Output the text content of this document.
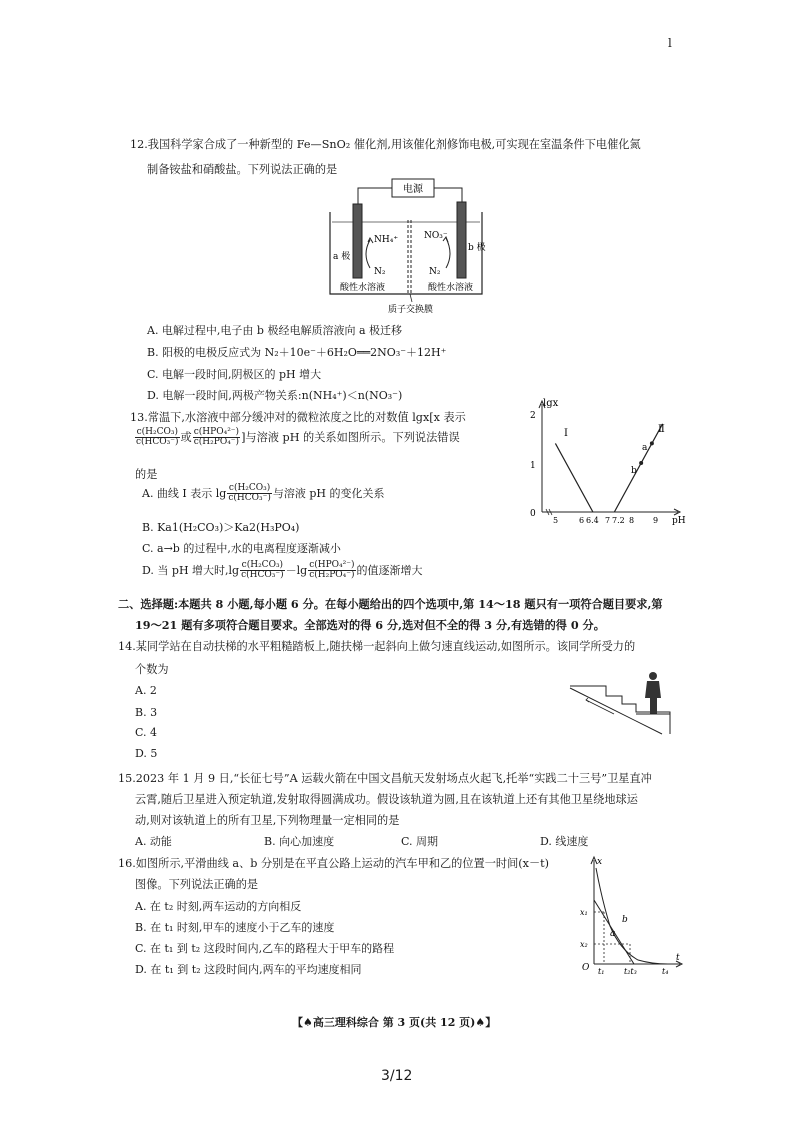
l
12.我国科学家合成了一种新型的 Fe—SnO₂ 催化剂,用该催化剂修饰电极,可实现在室温条件下电催化氮
制备铵盐和硝酸盐。下列说法正确的是
电源
NH₄⁺
N₂
NO₃⁻
N₂
a 极
b 极
酸性水溶液	酸性水溶液
质子交换膜
A. 电解过程中,电子由 b 极经电解质溶液向 a 极迁移
B. 阳极的电极反应式为 N₂＋10e⁻＋6H₂O══2NO₃⁻＋12H⁺
C. 电解一段时间,阴极区的 pH 增大
D. 电解一段时间,两极产物关系:n(NH₄⁺)＜n(NO₃⁻)
13.常温下,水溶液中部分缓冲对的微粒浓度之比的对数值 lgx[x 表示
$\frac{\text{c(H₂CO₃)}}{\text{c(HCO₃⁻)}}$ 或 $\frac{\text{c(HPO₄²⁻)}}{\text{c(H₂PO₄⁻)}}$ ]与溶液 pH 的关系如图所示。下列说法错误
的是
A. 曲线 Ⅰ 表示 $\lg \frac{\text{c(H₂CO₃)}}{\text{c(HCO₃⁻)}}$ 与溶液 pH 的变化关系
B. Ka1(H₂CO₃)＞Ka2(H₃PO₄)
C. a→b 的过程中,水的电离程度逐渐减小
D. 当 pH 增大时$,\lg \frac{\text{c(H₂CO₃)}}{\text{c(HCO₃⁻)}} -\lg \frac{\text{c(HPO₄²⁻)}}{\text{c(H₂PO₄⁻)}}$ 的值逐渐增大
lgx
pH
2
1
0
5	6 6.4 7 7.2 8 9
Ⅰ	Ⅱ
a
b
二、选择题:本题共 8 小题,每小题 6 分。在每小题给出的四个选项中,第 14～18 题只有一项符合题目要求,第
19～21 题有多项符合题目要求。全部选对的得 6 分,选对但不全的得 3 分,有选错的得 0 分。
14.某同学站在自动扶梯的水平粗糙踏板上,随扶梯一起斜向上做匀速直线运动,如图所示。该同学所受力的
个数为
A. 2
B. 3
C. 4
D. 5
15.2023 年 1 月 9 日,“长征七号”A 运载火箭在中国文昌航天发射场点火起飞,托举“实践二十三号”卫星直冲
云霄,随后卫星进入预定轨道,发射取得圆满成功。假设该轨道为圆,且在该轨道上还有其他卫星绕地球运
动,则对该轨道上的所有卫星,下列物理量一定相同的是
A. 动能	B. 向心加速度	C. 周期	D. 线速度
16.如图所示,平滑曲线 a、b 分别是在平直公路上运动的汽车甲和乙的位置一时间(x－t)
图像。下列说法正确的是
A. 在 t₂ 时刻,两车运动的方向相反
B. 在 t₁ 时刻,甲车的速度小于乙车的速度
C. 在 t₁ 到 t₂ 这段时间内,乙车的路程大于甲车的路程
D. 在 t₁ 到 t₂ 这段时间内,两车的平均速度相同
x
t
O
x₁
x₂
t₁ t₂t₃	t₄
a
b
【♠高三理科综合 第 3 页(共 12 页)♠】
3/12
